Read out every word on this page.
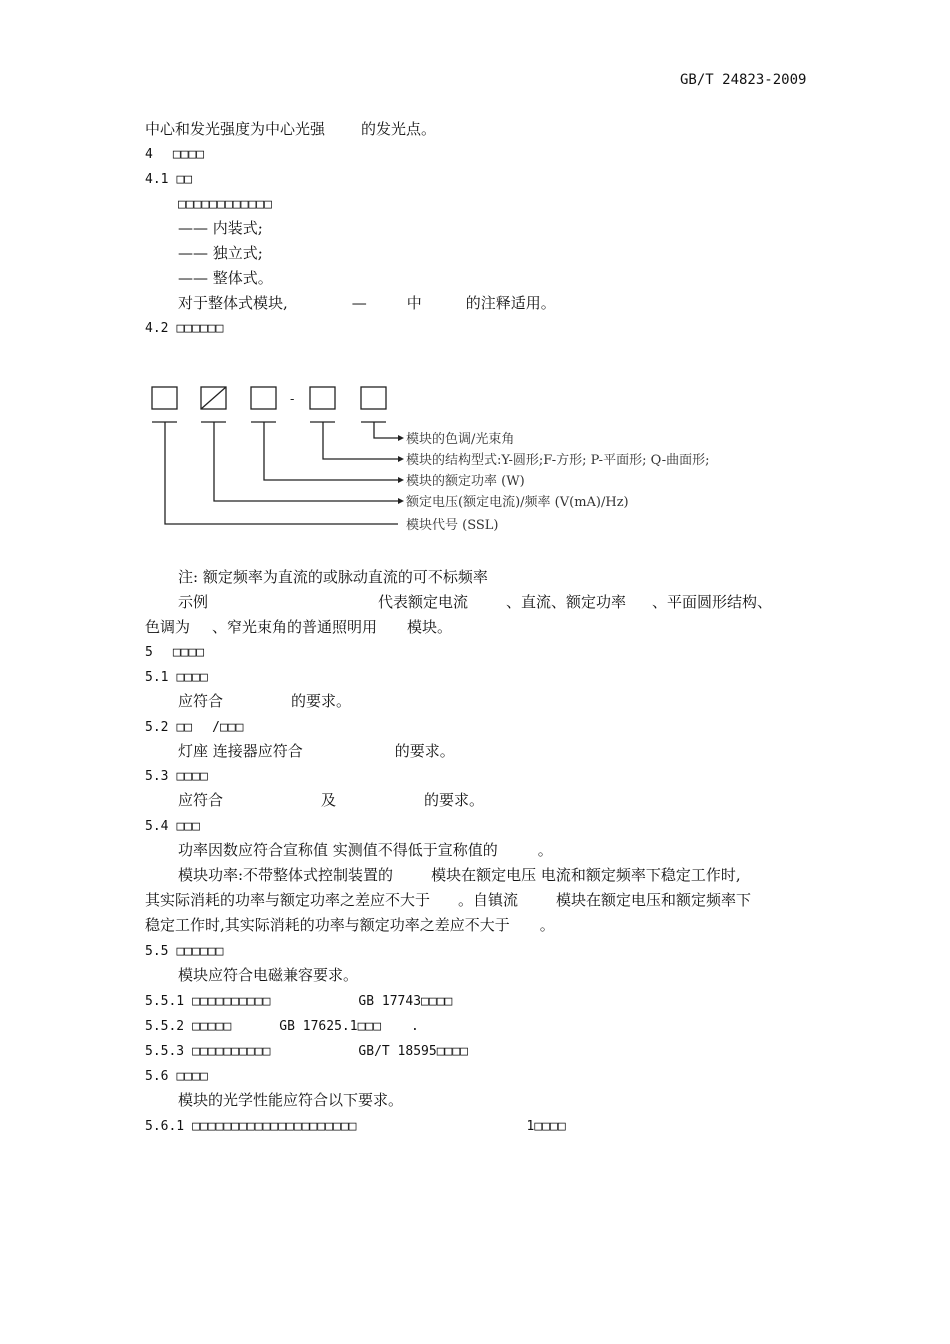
GB/T 24823-2009
中心和发光强度为中心光强 的发光点。
4 □□□□
4.1 □□
□□□□□□□□□□□□
—— 内装式;
—— 独立式;
—— 整体式。
对于整体式模块,	—	中	的注释适用。
4.2 □□□□□□
-
模块的色调/光束角
模块的结构型式:Y-圆形;F-方形; P-平面形; Q-曲面形;
模块的额定功率 (W)
额定电压(额定电流)/频率 (V(mA)/Hz)
模块代号 (SSL)
注: 额定频率为直流的或脉动直流的可不标频率
示例	代表额定电流	、直流、额定功率 、平面圆形结构、
色调为 、窄光束角的普通照明用 模块。
5 □□□□
5.1 □□□□
应符合	的要求。
5.2 □□ /□□□
灯座 连接器应符合	的要求。
5.3 □□□□
应符合	及	的要求。
5.4 □□□
功率因数应符合宣称值 实测值不得低于宣称值的	。
模块功率:不带整体式控制装置的	模块在额定电压 电流和额定频率下稳定工作时,
其实际消耗的功率与额定功率之差应不大于 。自镇流	模块在额定电压和额定频率下
稳定工作时,其实际消耗的功率与额定功率之差应不大于 。
5.5 □□□□□□
模块应符合电磁兼容要求。
5.5.1 □□□□□□□□□□	GB 17743□□□□
5.5.2 □□□□□	GB 17625.1□□□ .
5.5.3 □□□□□□□□□□	GB/T 18595□□□□
5.6 □□□□
模块的光学性能应符合以下要求。
5.6.1 □□□□□□□□□□□□□□□□□□□□□	1□□□□
